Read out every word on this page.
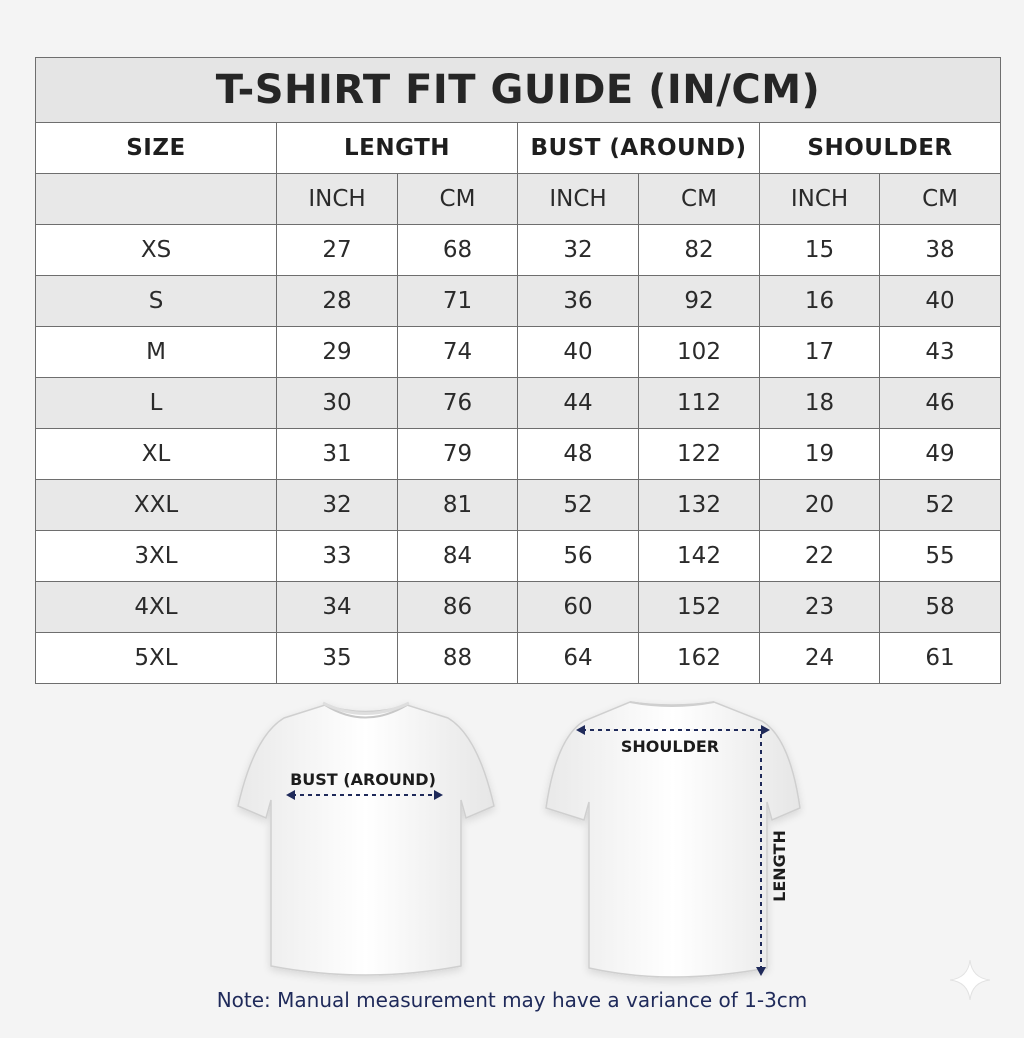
T-SHIRT FIT GUIDE (IN/CM)						
SIZE	LENGTH		BUST (AROUND)		SHOULDER	
	INCH	CM	INCH	CM	INCH	CM
XS	27	68	32	82	15	38
S	28	71	36	92	16	40
M	29	74	40	102	17	43
L	30	76	44	112	18	46
XL	31	79	48	122	19	49
XXL	32	81	52	132	20	52
3XL	33	84	56	142	22	55
4XL	34	86	60	152	23	58
5XL	35	88	64	162	24	61
BUST (AROUND)
SHOULDER
LENGTH
Note: Manual measurement may have a variance of 1-3cm
